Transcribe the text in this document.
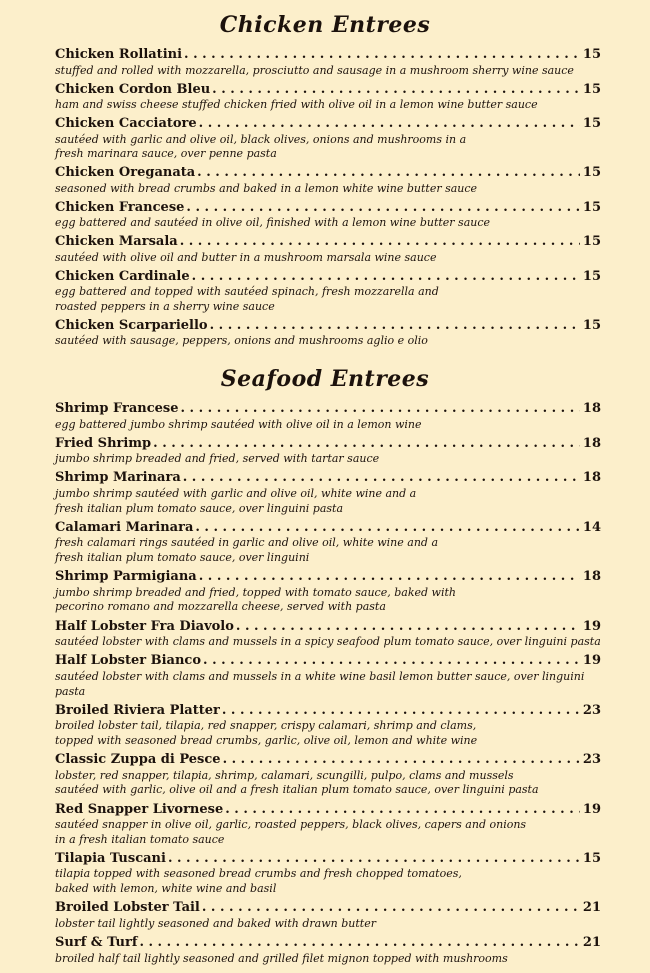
Chicken Entrees
Chicken Rollatini . . .	15
stuffed and rolled with mozzarella, prosciutto and sausage in a mushroom sherry wine sauce
Chicken Cordon Bleu . . .	15
ham and swiss cheese stuffed chicken fried with olive oil in a lemon wine butter sauce
Chicken Cacciatore . . .	15
sautéed with garlic and olive oil, black olives, onions and mushrooms in a
fresh marinara sauce, over penne pasta
Chicken Oreganata . . .	15
seasoned with bread crumbs and baked in a lemon white wine butter sauce
Chicken Francese . . .	15
egg battered and sautéed in olive oil, finished with a lemon wine butter sauce
Chicken Marsala . . .	15
sautéed with olive oil and butter in a mushroom marsala wine sauce
Chicken Cardinale . . .	15
egg battered and topped with sautéed spinach, fresh mozzarella and
roasted peppers in a sherry wine sauce
Chicken Scarpariello . . .	15
sautéed with sausage, peppers, onions and mushrooms aglio e olio
Seafood Entrees
Shrimp Francese . . .	18
egg battered jumbo shrimp sautéed with olive oil in a lemon wine
Fried Shrimp . . .	18
jumbo shrimp breaded and fried, served with tartar sauce
Shrimp Marinara . . .	18
jumbo shrimp sautéed with garlic and olive oil, white wine and a
fresh italian plum tomato sauce, over linguini pasta
Calamari Marinara . . .	14
fresh calamari rings sautéed in garlic and olive oil, white wine and a
fresh italian plum tomato sauce, over linguini
Shrimp Parmigiana . . .	18
jumbo shrimp breaded and fried, topped with tomato sauce, baked with
pecorino romano and mozzarella cheese, served with pasta
Half Lobster Fra Diavolo . . .	19
sautéed lobster with clams and mussels in a spicy seafood plum tomato sauce, over linguini pasta
Half Lobster Bianco . . .	19
sautéed lobster with clams and mussels in a white wine basil lemon butter sauce, over linguini pasta
Broiled Riviera Platter . . .	23
broiled lobster tail, tilapia, red snapper, crispy calamari, shrimp and clams,
topped with seasoned bread crumbs, garlic, olive oil, lemon and white wine
Classic Zuppa di Pesce . . .	23
lobster, red snapper, tilapia, shrimp, calamari, scungilli, pulpo, clams and mussels
sautéed with garlic, olive oil and a fresh italian plum tomato sauce, over linguini pasta
Red Snapper Livornese . . .	19
sautéed snapper in olive oil, garlic, roasted peppers, black olives, capers and onions
in a fresh italian tomato sauce
Tilapia Tuscani . . .	15
tilapia topped with seasoned bread crumbs and fresh chopped tomatoes,
baked with lemon, white wine and basil
Broiled Lobster Tail . . .	21
lobster tail lightly seasoned and baked with drawn butter
Surf & Turf . . .	21
broiled half tail lightly seasoned and grilled filet mignon topped with mushrooms
